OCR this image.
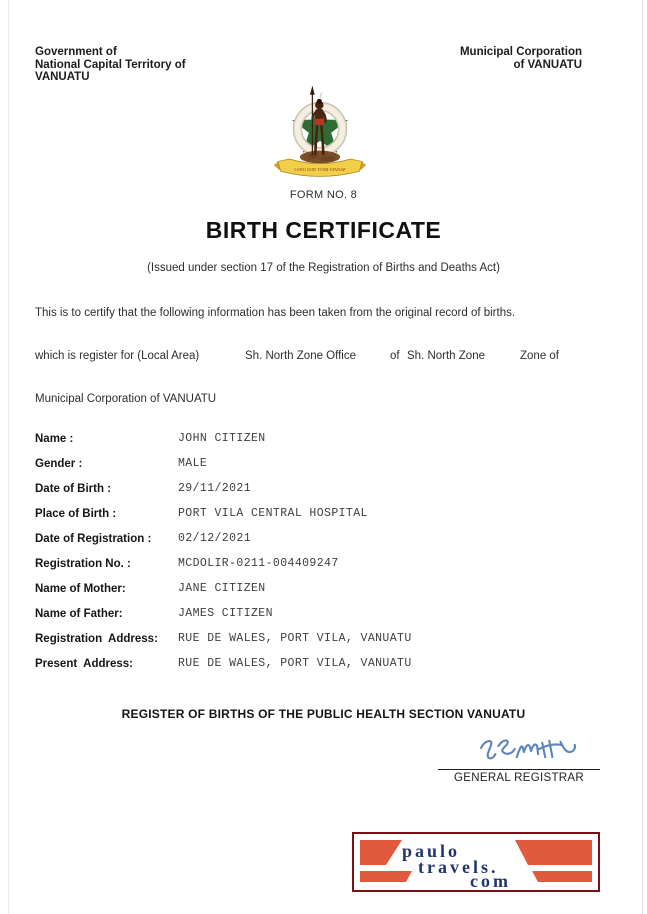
Government of
National Capital Territory of
VANUATU
Municipal Corporation
of VANUATU
LONG GOD YUMI STANAP
FORM NO. 8
BIRTH CERTIFICATE
(Issued under section 17 of the Registration of Births and Deaths Act)
This is to certify that the following information has been taken from the original record of births.
which is register for (Local Area)	Sh. North Zone Office	of Sh. North Zone	Zone of
Municipal Corporation of VANUATU
Name :	JOHN CITIZEN
Gender :	MALE
Date of Birth :	29/11/2021
Place of Birth :	PORT VILA CENTRAL HOSPITAL
Date of Registration :	02/12/2021
Registration No. :	MCDOLIR-0211-004409247
Name of Mother:	JANE CITIZEN
Name of Father:	JAMES CITIZEN
Registration  Address:	RUE DE WALES, PORT VILA, VANUATU
Present  Address:	RUE DE WALES, PORT VILA, VANUATU
REGISTER OF BIRTHS OF THE PUBLIC HEALTH SECTION VANUATU
GENERAL REGISTRAR
paulo
travels.
com
